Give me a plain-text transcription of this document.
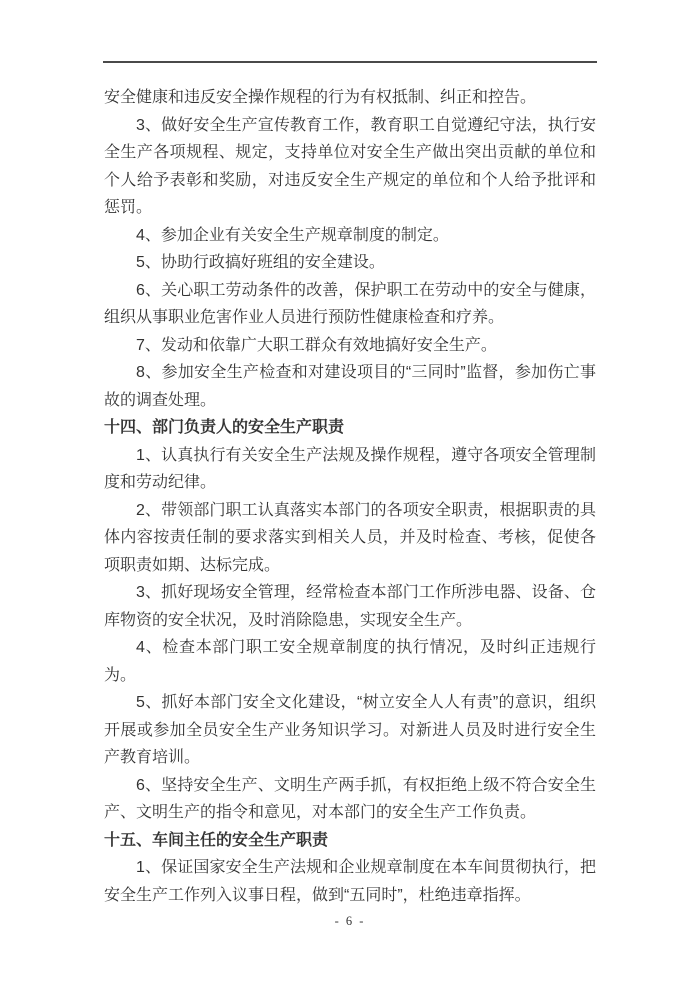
安全健康和违反安全操作规程的行为有权抵制、纠正和控告。

3、做好安全生产宣传教育工作，教育职工自觉遵纪守法，执行安全生产各项规程、规定，支持单位对安全生产做出突出贡献的单位和个人给予表彰和奖励，对违反安全生产规定的单位和个人给予批评和惩罚。

4、参加企业有关安全生产规章制度的制定。

5、协助行政搞好班组的安全建设。

6、关心职工劳动条件的改善，保护职工在劳动中的安全与健康，组织从事职业危害作业人员进行预防性健康检查和疗养。

7、发动和依靠广大职工群众有效地搞好安全生产。

8、参加安全生产检查和对建设项目的“三同时”监督，参加伤亡事故的调查处理。

十四、部门负责人的安全生产职责

1、认真执行有关安全生产法规及操作规程，遵守各项安全管理制度和劳动纪律。

2、带领部门职工认真落实本部门的各项安全职责，根据职责的具体内容按责任制的要求落实到相关人员，并及时检查、考核，促使各项职责如期、达标完成。

3、抓好现场安全管理，经常检查本部门工作所涉电器、设备、仓库物资的安全状况，及时消除隐患，实现安全生产。

4、检查本部门职工安全规章制度的执行情况，及时纠正违规行为。

5、抓好本部门安全文化建设，“树立安全人人有责”的意识，组织开展或参加全员安全生产业务知识学习。对新进人员及时进行安全生产教育培训。

6、坚持安全生产、文明生产两手抓，有权拒绝上级不符合安全生产、文明生产的指令和意见，对本部门的安全生产工作负责。

十五、车间主任的安全生产职责

1、保证国家安全生产法规和企业规章制度在本车间贯彻执行，把安全生产工作列入议事日程，做到“五同时”，杜绝违章指挥。

- 6 -
